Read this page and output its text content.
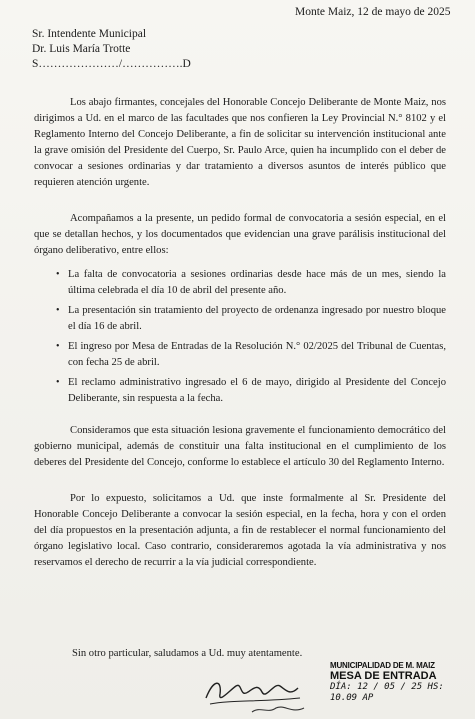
Monte Maiz, 12 de mayo de 2025
Sr. Intendente Municipal
Dr. Luis María Trotte
S…………………/…………….D

Los abajo firmantes, concejales del Honorable Concejo Deliberante de Monte Maiz, nos dirigimos a Ud. en el marco de las facultades que nos confieren la Ley Provincial N.° 8102 y el Reglamento Interno del Concejo Deliberante, a fin de solicitar su intervención institucional ante la grave omisión del Presidente del Cuerpo, Sr. Paulo Arce, quien ha incumplido con el deber de convocar a sesiones ordinarias y dar tratamiento a diversos asuntos de interés público que requieren atención urgente.

Acompañamos a la presente, un pedido formal de convocatoria a sesión especial, en el que se detallan hechos, y los documentados que evidencian una grave parálisis institucional del órgano deliberativo, entre ellos:

• La falta de convocatoria a sesiones ordinarias desde hace más de un mes, siendo la última celebrada el día 10 de abril del presente año.
• La presentación sin tratamiento del proyecto de ordenanza ingresado por nuestro bloque el día 16 de abril.
• El ingreso por Mesa de Entradas de la Resolución N.° 02/2025 del Tribunal de Cuentas, con fecha 25 de abril.
• El reclamo administrativo ingresado el 6 de mayo, dirigido al Presidente del Concejo Deliberante, sin respuesta a la fecha.

Consideramos que esta situación lesiona gravemente el funcionamiento democrático del gobierno municipal, además de constituir una falta institucional en el cumplimiento de los deberes del Presidente del Concejo, conforme lo establece el artículo 30 del Reglamento Interno.

Por lo expuesto, solicitamos a Ud. que inste formalmente al Sr. Presidente del Honorable Concejo Deliberante a convocar la sesión especial, en la fecha, hora y con el orden del día propuestos en la presentación adjunta, a fin de restablecer el normal funcionamiento del órgano legislativo local. Caso contrario, consideraremos agotada la vía administrativa y nos reservamos el derecho de recurrir a la vía judicial correspondiente.

Sin otro particular, saludamos a Ud. muy atentamente.
MUNICIPALIDAD DE M. MAIZ
MESA DE ENTRADA
DÍA: 12 / 05 / 25 HS: 10.09 AP
